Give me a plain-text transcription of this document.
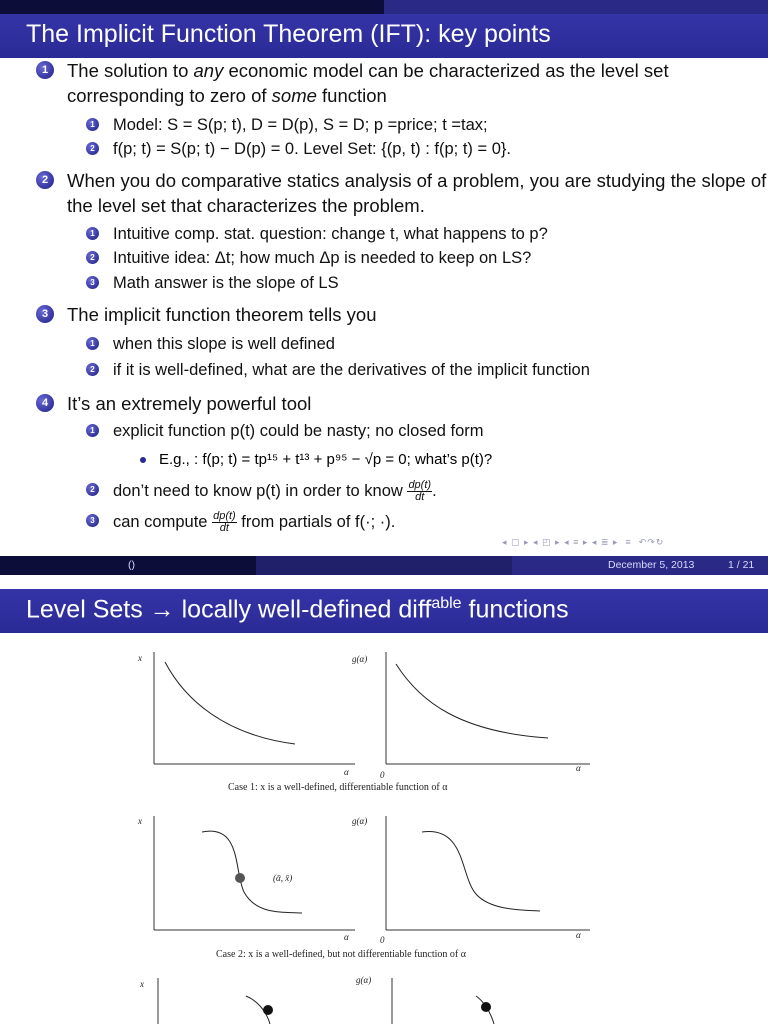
The Implicit Function Theorem (IFT): key points
1	The solution to any economic model can be characterized as the level set corresponding to zero of some function
1 Model: S = S(p; t), D = D(p), S = D; p =price; t =tax;
2 f(p; t) = S(p; t) − D(p) = 0. Level Set: {(p, t) : f(p; t) = 0}.
2	When you do comparative statics analysis of a problem, you are studying the slope of the level set that characterizes the problem.
1 Intuitive comp. stat. question: change t, what happens to p?
2 Intuitive idea: Δt; how much Δp is needed to keep on LS?
3 Math answer is the slope of LS
3	The implicit function theorem tells you
1 when this slope is well defined
2 if it is well-defined, what are the derivatives of the implicit function
4	It’s an extremely powerful tool
1 explicit function p(t) could be nasty; no closed form
E.g., : f(p; t) = tp¹⁵ + t¹³ + p⁹⁵ − √p = 0; what’s p(t)?
2 don’t need to know p(t) in order to know $\frac{dp(t)}{dt}$ .
3 can compute $\frac{dp(t)}{dt}$ from partials of f(·; ·).
◂ ▢ ▸ ◂ ◰ ▸ ◂ ≡ ▸ ◂ ≣ ▸  ≡  ↶↷↻
()	December 5, 2013	1 / 21
Level Sets → locally well-defined diff$^{able}$ functions
x
α	0
g(α)
α
Case 1: x is a well-defined, differentiable function of α
x
(ᾱ, x̄)
α	0
g(α)
α
Case 2: x is a well-defined, but not differentiable function of α
x	g(α)
